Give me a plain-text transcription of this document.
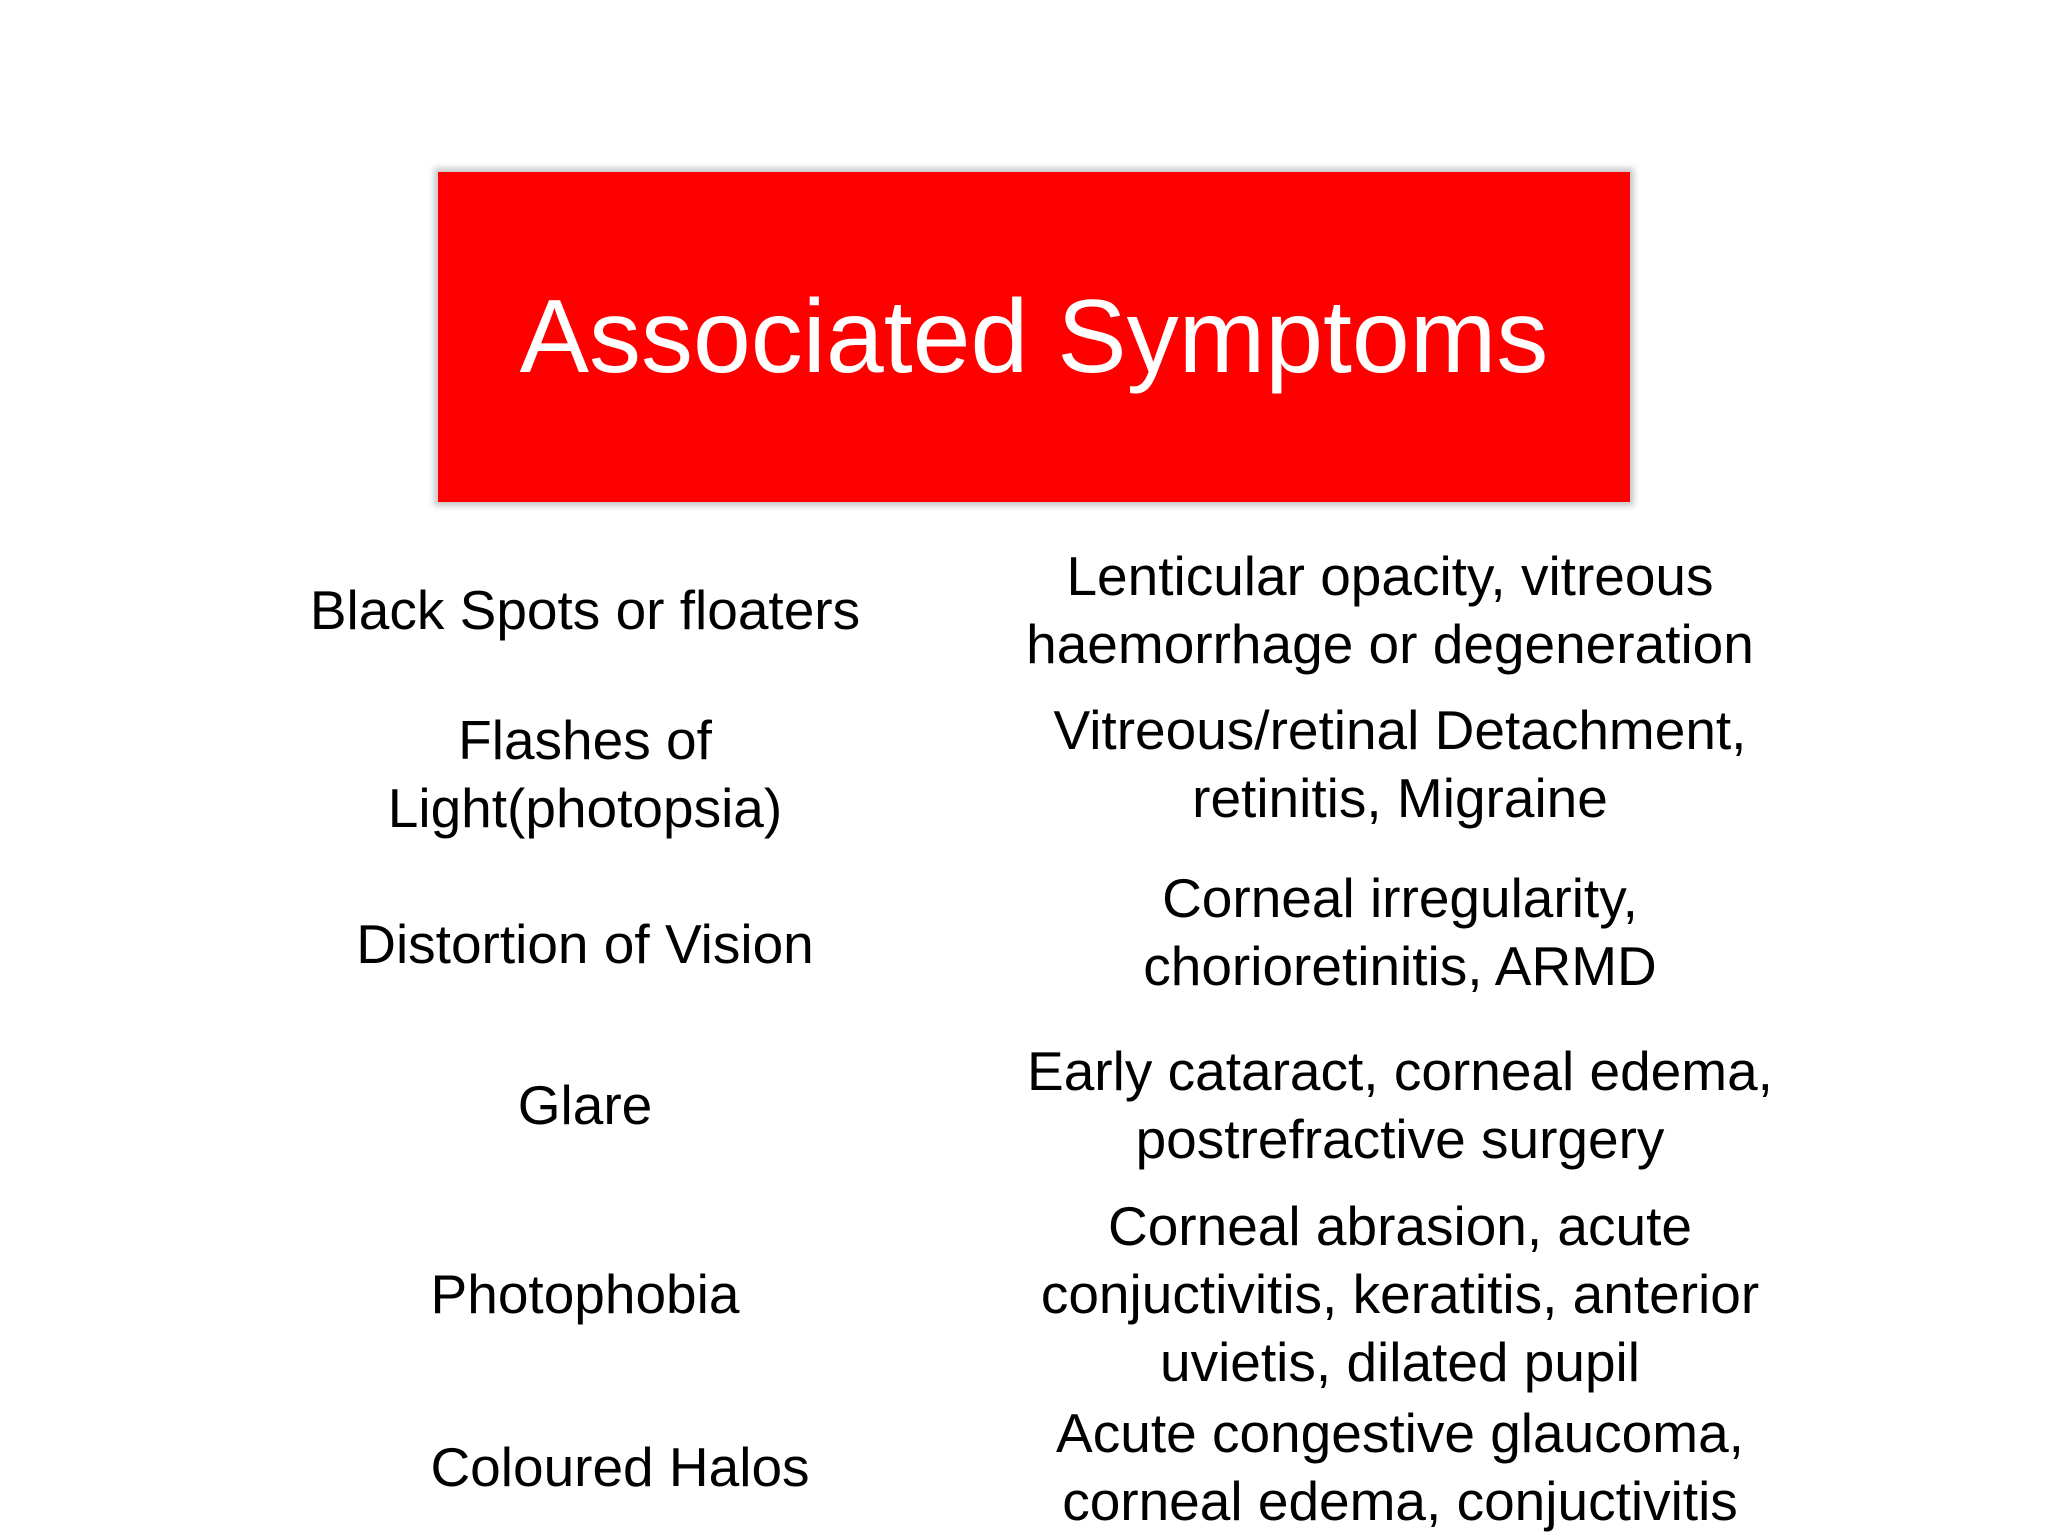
Associated Symptoms
Black Spots or floaters
Lenticular opacity, vitreous
haemorrhage or degeneration
Flashes of
Light(photopsia)
Vitreous/retinal Detachment,
retinitis, Migraine
Distortion of Vision
Corneal irregularity,
chorioretinitis, ARMD
Glare
Early cataract, corneal edema,
postrefractive surgery
Photophobia
Corneal abrasion, acute
conjuctivitis, keratitis, anterior
uvietis, dilated pupil
Coloured Halos
Acute congestive glaucoma,
corneal edema, conjuctivitis
